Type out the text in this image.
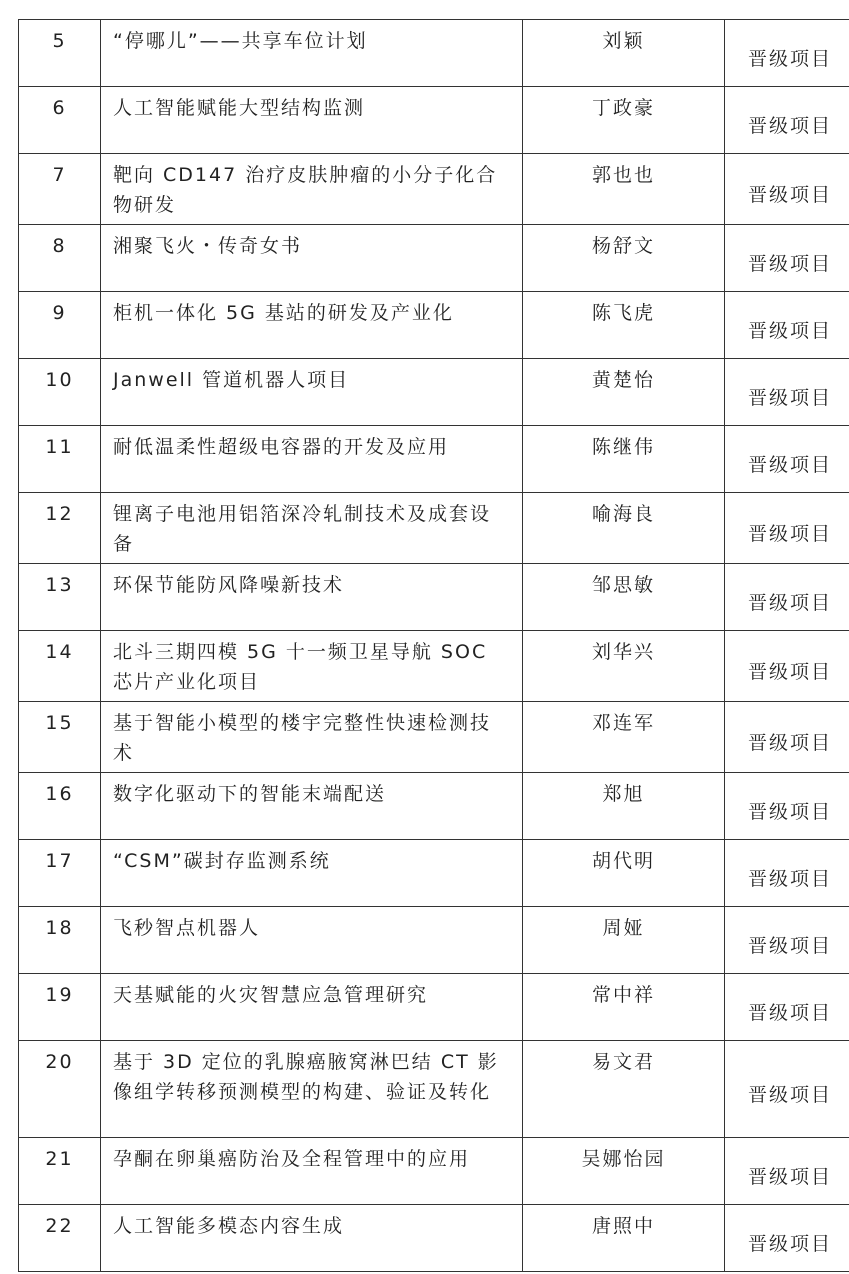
5	“停哪儿”——共享车位计划	刘颖	晋级项目
6	人工智能赋能大型结构监测	丁政豪	晋级项目
7	靶向 CD147 治疗皮肤肿瘤的小分子化合物研发	郭也也	晋级项目
8	湘聚飞火・传奇女书	杨舒文	晋级项目
9	柜机一体化 5G 基站的研发及产业化	陈飞虎	晋级项目
10	Janwell 管道机器人项目	黄楚怡	晋级项目
11	耐低温柔性超级电容器的开发及应用	陈继伟	晋级项目
12	锂离子电池用铝箔深冷轧制技术及成套设备	喻海良	晋级项目
13	环保节能防风降噪新技术	邹思敏	晋级项目
14	北斗三期四模 5G 十一频卫星导航 SOC 芯片产业化项目	刘华兴	晋级项目
15	基于智能小模型的楼宇完整性快速检测技术	邓连军	晋级项目
16	数字化驱动下的智能末端配送	郑旭	晋级项目
17	“CSM”碳封存监测系统	胡代明	晋级项目
18	飞秒智点机器人	周娅	晋级项目
19	天基赋能的火灾智慧应急管理研究	常中祥	晋级项目
20	基于 3D 定位的乳腺癌腋窝淋巴结 CT 影像组学转移预测模型的构建、验证及转化	易文君	晋级项目
21	孕酮在卵巢癌防治及全程管理中的应用	吴娜怡园	晋级项目
22	人工智能多模态内容生成	唐照中	晋级项目
